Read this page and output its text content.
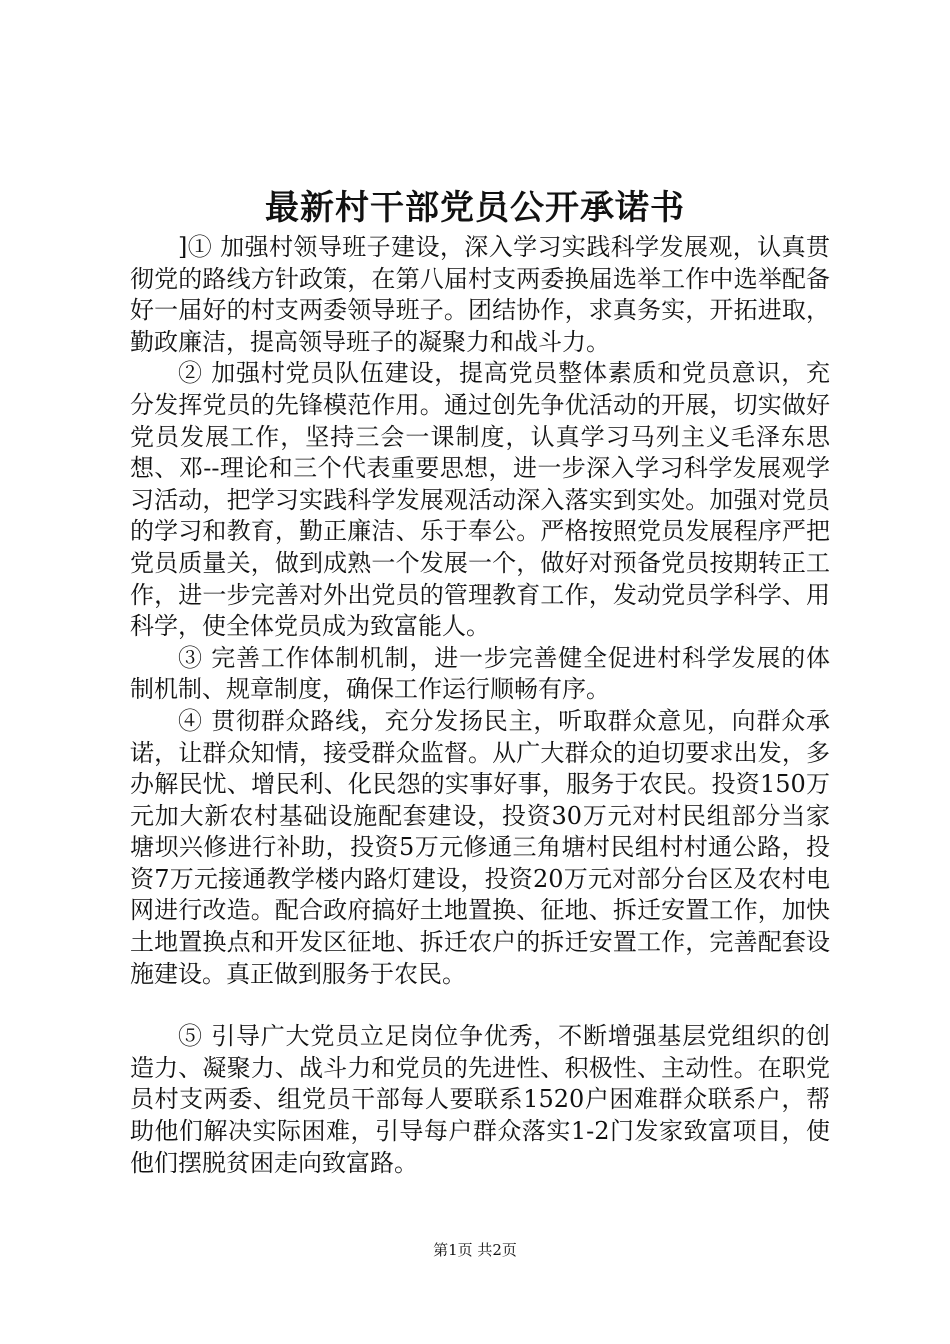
最新村干部党员公开承诺书

]① 加强村领导班子建设，深入学习实践科学发展观，认真贯彻党的路线方针政策，在第八届村支两委换届选举工作中选举配备好一届好的村支两委领导班子。团结协作，求真务实，开拓进取，勤政廉洁，提高领导班子的凝聚力和战斗力。

② 加强村党员队伍建设，提高党员整体素质和党员意识，充分发挥党员的先锋模范作用。通过创先争优活动的开展，切实做好党员发展工作，坚持三会一课制度，认真学习马列主义毛泽东思想、邓--理论和三个代表重要思想，进一步深入学习科学发展观学习活动，把学习实践科学发展观活动深入落实到实处。加强对党员的学习和教育，勤正廉洁、乐于奉公。严格按照党员发展程序严把党员质量关，做到成熟一个发展一个，做好对预备党员按期转正工作，进一步完善对外出党员的管理教育工作，发动党员学科学、用科学，使全体党员成为致富能人。

③ 完善工作体制机制，进一步完善健全促进村科学发展的体制机制、规章制度，确保工作运行顺畅有序。

④ 贯彻群众路线，充分发扬民主，听取群众意见，向群众承诺，让群众知情，接受群众监督。从广大群众的迫切要求出发，多办解民忧、增民利、化民怨的实事好事，服务于农民。投资150万元加大新农村基础设施配套建设，投资30万元对村民组部分当家塘坝兴修进行补助，投资5万元修通三角塘村民组村村通公路，投资7万元接通教学楼内路灯建设，投资20万元对部分台区及农村电网进行改造。配合政府搞好土地置换、征地、拆迁安置工作，加快土地置换点和开发区征地、拆迁农户的拆迁安置工作，完善配套设施建设。真正做到服务于农民。

⑤ 引导广大党员立足岗位争优秀，不断增强基层党组织的创造力、凝聚力、战斗力和党员的先进性、积极性、主动性。在职党员村支两委、组党员干部每人要联系1520户困难群众联系户，帮助他们解决实际困难，引导每户群众落实1-2门发家致富项目，使他们摆脱贫困走向致富路。

第1页 共2页
